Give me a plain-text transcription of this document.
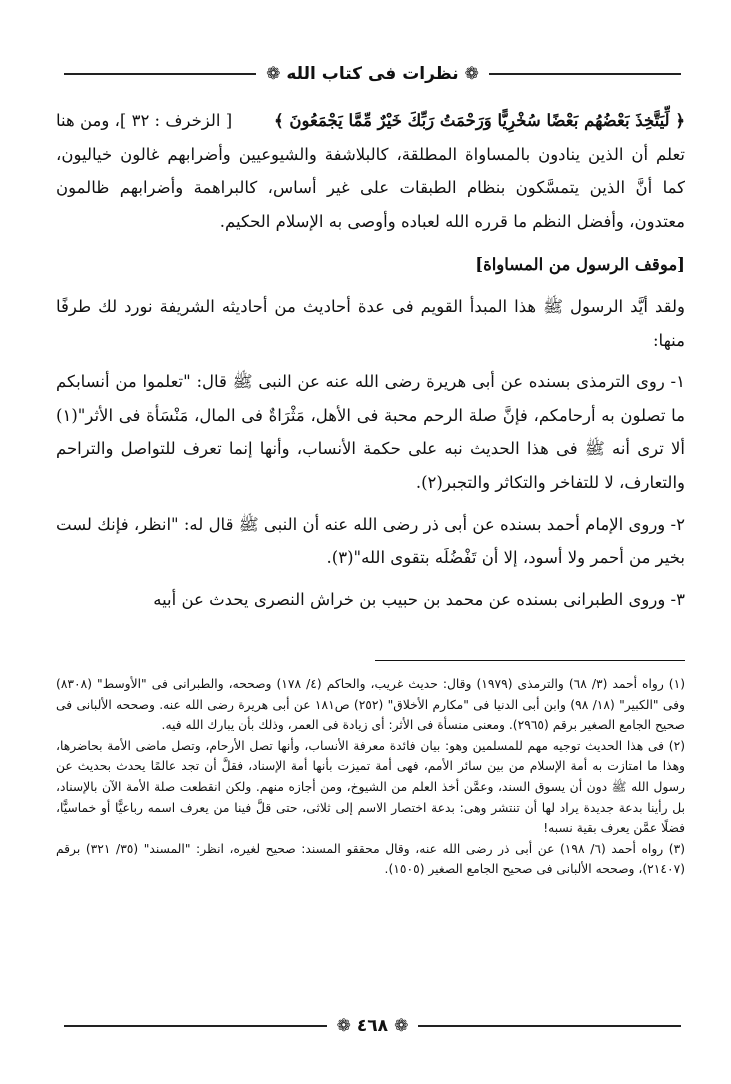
❁
نظرات فى كتاب الله
❁

﴿ لِّيَتَّخِذَ بَعْضُهُم بَعْضًا سُخْرِيًّا وَرَحْمَتُ رَبِّكَ خَيْرٌ مِّمَّا يَجْمَعُونَ ﴾
[ الزخرف : ٣٢ ]، ومن هنا

تعلم أن الذين ينادون بالمساواة المطلقة، كالبلاشفة والشيوعيين وأضرابهم غالون خياليون، كما أنَّ الذين يتمسَّكون بنظام الطبقات على غير أساس، كالبراهمة وأضرابهم ظالمون معتدون، وأفضل النظم ما قرره الله لعباده وأوصى به الإسلام الحكيم.

[موقف الرسول من المساواة]

ولقد أيَّد الرسول ﷺ هذا المبدأ القويم فى عدة أحاديث من أحاديثه الشريفة نورد لك طرفًا منها:

١- روى الترمذى بسنده عن أبى هريرة رضى الله عنه عن النبى ﷺ قال: "تعلموا من أنسابكم ما تصلون به أرحامكم، فإنَّ صلة الرحم محبة فى الأهل، مَثْرَاةٌ فى المال، مَنْسَأة فى الأثر"(١) ألا ترى أنه ﷺ فى هذا الحديث نبه على حكمة الأنساب، وأنها إنما تعرف للتواصل والتراحم والتعارف، لا للتفاخر والتكاثر والتجبر(٢).

٢- وروى الإمام أحمد بسنده عن أبى ذر رضى الله عنه أن النبى ﷺ قال له: "انظر، فإنك لست بخير من أحمر ولا أسود، إلا أن تَفْضُلَه بتقوى الله"(٣).

٣- وروى الطبرانى بسنده عن محمد بن حبيب بن خراش النصرى يحدث عن أبيه

(١) رواه أحمد (٣/ ٦٨) والترمذى (١٩٧٩) وقال: حديث غريب، والحاكم (٤/ ١٧٨) وصححه، والطبرانى فى "الأوسط" (٨٣٠٨) وفى "الكبير" (١٨/ ٩٨) وابن أبى الدنيا فى "مكارم الأخلاق" (٢٥٢) ص١٨١ عن أبى هريرة رضى الله عنه. وصححه الألبانى فى صحيح الجامع الصغير برقم (٢٩٦٥). ومعنى منسأة فى الأثر: أى زيادة فى العمر، وذلك بأن يبارك الله فيه.

(٢) فى هذا الحديث توجيه مهم للمسلمين وهو: بيان فائدة معرفة الأنساب، وأنها تصل الأرحام، وتصل ماضى الأمة بحاضرها، وهذا ما امتازت به أمة الإسلام من بين سائر الأمم، فهى أمة تميزت بأنها أمة الإسناد، فقلَّ أن تجد عالمًا يحدث بحديث عن رسول الله ﷺ دون أن يسوق السند، وعمَّن أخذ العلم من الشيوخ، ومن أجازه منهم. ولكن انقطعت صلة الأمة الآن بالإسناد، بل رأينا بدعة جديدة يراد لها أن تنتشر وهى: بدعة اختصار الاسم إلى ثلاثى، حتى قلَّ فينا من يعرف اسمه رباعيًّا أو خماسيًّا، فضلًا عمَّن يعرف بقية نسبه!

(٣) رواه أحمد (٦/ ١٩٨) عن أبى ذر رضى الله عنه، وقال محققو المسند: صحيح لغيره، انظر: "المسند" (٣٥/ ٣٢١) برقم (٢١٤٠٧)، وصححه الألبانى فى صحيح الجامع الصغير (١٥٠٥).

❁
٤٦٨
❁
